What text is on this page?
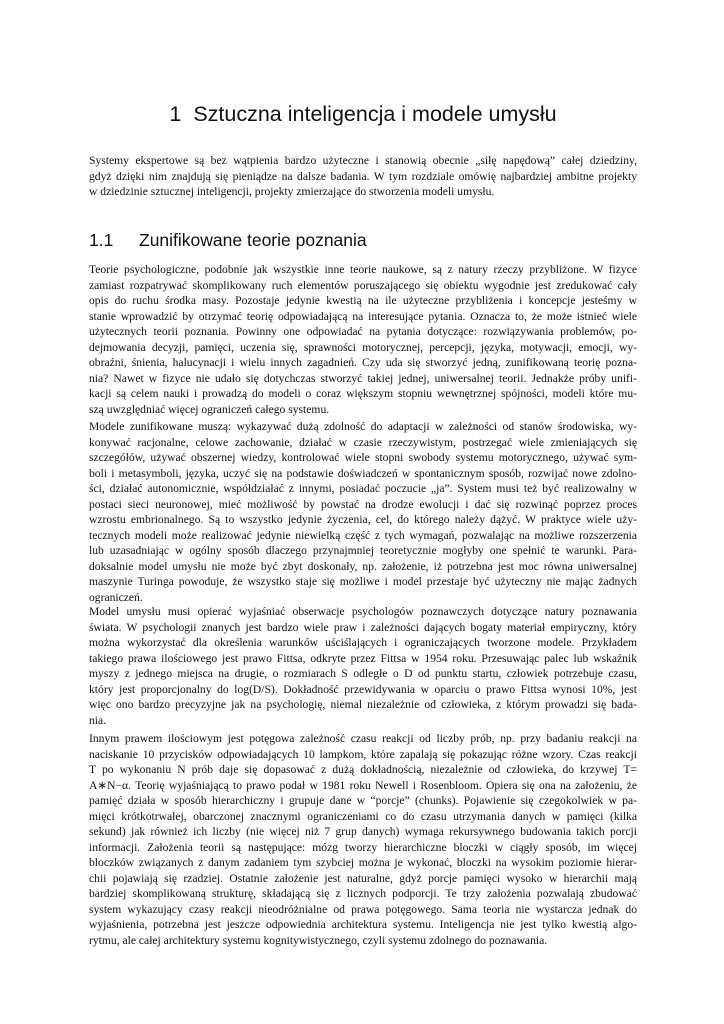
1 Sztuczna inteligencja i modele umysłu
Systemy ekspertowe są bez wątpienia bardzo użyteczne i stanowią obecnie „siłę napędową” całej dziedziny,
gdyż dzięki nim znajdują się pieniądze na dalsze badania. W tym rozdziale omówię najbardziej ambitne projekty
w dziedzinie sztucznej inteligencji, projekty zmierzające do stworzenia modeli umysłu.
1.1 Zunifikowane teorie poznania
Teorie psychologiczne, podobnie jak wszystkie inne teorie naukowe, są z natury rzeczy przybliżone. W fizyce
zamiast rozpatrywać skomplikowany ruch elementów poruszającego się obiektu wygodnie jest zredukować cały
opis do ruchu środka masy. Pozostaje jedynie kwestią na ile użyteczne przybliżenia i koncepcje jesteśmy w
stanie wprowadzić by otrzymać teorię odpowiadającą na interesujące pytania. Oznacza to, że może istnieć wiele
użytecznych teorii poznania. Powinny one odpowiadać na pytania dotyczące: rozwiązywania problemów, po-
dejmowania decyzji, pamięci, uczenia się, sprawności motorycznej, percepcji, języka, motywacji, emocji, wy-
obraźni, śnienia, halucynacji i wielu innych zagadnień. Czy uda się stworzyć jedną, zunifikowaną teorię pozna-
nia? Nawet w fizyce nie udało się dotychczas stworzyć takiej jednej, uniwersalnej teorii. Jednakże próby unifi-
kacji są celem nauki i prowadzą do modeli o coraz większym stopniu wewnętrznej spójności, modeli które mu-
szą uwzględniać więcej ograniczeń całego systemu.
Modele zunifikowane muszą: wykazywać dużą zdolność do adaptacji w zależności od stanów środowiska, wy-
konywać racjonalne, celowe zachowanie, działać w czasie rzeczywistym, postrzegać wiele zmieniających się
szczegółów, używać obszernej wiedzy, kontrolować wiele stopni swobody systemu motorycznego, używać sym-
boli i metasymboli, języka, uczyć się na podstawie doświadczeń w spontanicznym sposób, rozwijać nowe zdolno-
ści, działać autonomicznie, współdziałać z innymi, posiadać poczucie „ja”. System musi też być realizowalny w
postaci sieci neuronowej, mieć możliwość by powstać na drodze ewolucji i dać się rozwinąć poprzez proces
wzrostu embrionalnego. Są to wszystko jedynie życzenia, cel, do którego należy dążyć. W praktyce wiele uży-
tecznych modeli może realizować jedynie niewielką część z tych wymagań, pozwalając na możliwe rozszerzenia
lub uzasadniając w ogólny sposób dlaczego przynajmniej teoretycznie mogłyby one spełnić te warunki. Para-
doksalnie model umysłu nie może być zbyt doskonały, np. założenie, iż potrzebna jest moc równa uniwersalnej
maszynie Turinga powoduje, że wszystko staje się możliwe i model przestaje być użyteczny nie mając żadnych
ograniczeń.
Model umysłu musi opierać wyjaśniać obserwacje psychologów poznawczych dotyczące natury poznawania
świata. W psychologii znanych jest bardzo wiele praw i zależności dających bogaty materiał empiryczny, który
można wykorzystać dla określenia warunków uściślających i ograniczających tworzone modele. Przykładem
takiego prawa ilościowego jest prawo Fittsa, odkryte przez Fittsa w 1954 roku. Przesuwając palec lub wskaźnik
myszy z jednego miejsca na drugie, o rozmiarach S odległe o D od punktu startu, człowiek potrzebuje czasu,
który jest proporcjonalny do log(D/S). Dokładność przewidywania w oparciu o prawo Fittsa wynosi 10%, jest
więc ono bardzo precyzyjne jak na psychologię, niemal niezależnie od człowieka, z którym prowadzi się bada-
nia.
Innym prawem ilościowym jest potęgowa zależność czasu reakcji od liczby prób, np. przy badaniu reakcji na
naciskanie 10 przycisków odpowiadających 10 lampkom, które zapalają się pokazując różne wzory. Czas reakcji
T po wykonaniu N prób daje się dopasować z dużą dokładnością, niezależnie od człowieka, do krzywej T=
A∗N−α. Teorię wyjaśniającą to prawo podał w 1981 roku Newell i Rosenbloom. Opiera się ona na założeniu, że
pamięć działa w sposób hierarchiczny i grupuje dane w “porcje” (chunks). Pojawienie się czegokolwiek w pa-
mięci krótkotrwałej, obarczonej znacznymi ograniczeniami co do czasu utrzymania danych w pamięci (kilka
sekund) jak również ich liczby (nie więcej niż 7 grup danych) wymaga rekursywnego budowania takich porcji
informacji. Założenia teorii są następujące: mózg tworzy hierarchiczne bloczki w ciągły sposób, im więcej
bloczków związanych z danym zadaniem tym szybciej można je wykonać, bloczki na wysokim poziomie hierar-
chii pojawiają się rzadziej. Ostatnie założenie jest naturalne, gdyż porcje pamięci wysoko w hierarchii mają
bardziej skomplikowaną strukturę, składającą się z licznych podporcji. Te trzy założenia pozwalają zbudować
system wykazujący czasy reakcji nieodróżnialne od prawa potęgowego. Sama teoria nie wystarcza jednak do
wyjaśnienia, potrzebna jest jeszcze odpowiednia architektura systemu. Inteligencja nie jest tylko kwestią algo-
rytmu, ale całej architektury systemu kognitywistycznego, czyli systemu zdolnego do poznawania.
